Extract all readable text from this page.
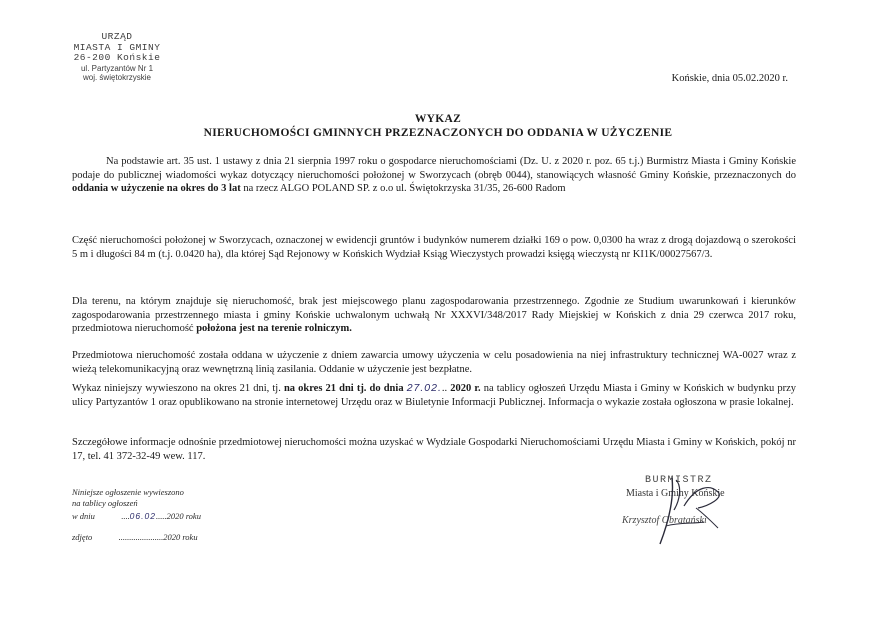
URZĄD
MIASTA I GMINY
26-200 Końskie
ul. Partyzantów Nr 1
woj. świętokrzyskie	Końskie, dnia 05.02.2020 r.
WYKAZ
NIERUCHOMOŚCI GMINNYCH PRZEZNACZONYCH DO ODDANIA W UŻYCZENIE
Na podstawie art. 35 ust. 1 ustawy z dnia 21 sierpnia 1997 roku o gospodarce nieruchomościami (Dz. U. z 2020 r. poz. 65 t.j.) Burmistrz Miasta i Gminy Końskie podaje do publicznej wiadomości wykaz dotyczący nieruchomości położonej w Sworzycach (obręb 0044), stanowiących własność Gminy Końskie, przeznaczonych do oddania w użyczenie na okres do 3 lat na rzecz ALGO POLAND SP. z o.o ul. Świętokrzyska 31/35, 26-600 Radom
Część nieruchomości położonej w Sworzycach, oznaczonej w ewidencji gruntów i budynków numerem działki 169 o pow. 0,0300 ha wraz z drogą dojazdową o szerokości 5 m i długości 84 m (t.j. 0.0420 ha), dla której Sąd Rejonowy w Końskich Wydział Ksiąg Wieczystych prowadzi księgą wieczystą nr KI1K/00027567/3.
Dla terenu, na którym znajduje się nieruchomość, brak jest miejscowego planu zagospodarowania przestrzennego. Zgodnie ze Studium uwarunkowań i kierunków zagospodarowania przestrzennego miasta i gminy Końskie uchwalonym uchwałą Nr XXXVI/348/2017 Rady Miejskiej w Końskich z dnia 29 czerwca 2017 roku, przedmiotowa nieruchomość położona jest na terenie rolniczym.
Przedmiotowa nieruchomość została oddana w użyczenie z dniem zawarcia umowy użyczenia w celu posadowienia na niej infrastruktury technicznej WA-0027 wraz z wieżą telekomunikacyjną oraz wewnętrzną linią zasilania. Oddanie w użyczenie jest bezpłatne.
Wykaz niniejszy wywieszono na okres 21 dni, tj. na okres 21 dni tj. do dnia 27.02... 2020 r. na tablicy ogłoszeń Urzędu Miasta i Gminy w Końskich w budynku przy ulicy Partyzantów 1 oraz opublikowano na stronie internetowej Urzędu oraz w Biuletynie Informacji Publicznej. Informacja o wykazie została ogłoszona w prasie lokalnej.
Szczegółowe informacje odnośnie przedmiotowej nieruchomości można uzyskać w Wydziale Gospodarki Nieruchomościami Urzędu Miasta i Gminy w Końskich, pokój nr 17, tel. 41 372-32-49 wew. 117.
Niniejsze ogłoszenie wywieszono
na tablicy ogłoszeń
w dniu	....06.02.....2020 roku
zdjęto	.....................2020 roku
BURMISTRZ
Miasta i Gminy Końskie
Krzysztof Obratański
